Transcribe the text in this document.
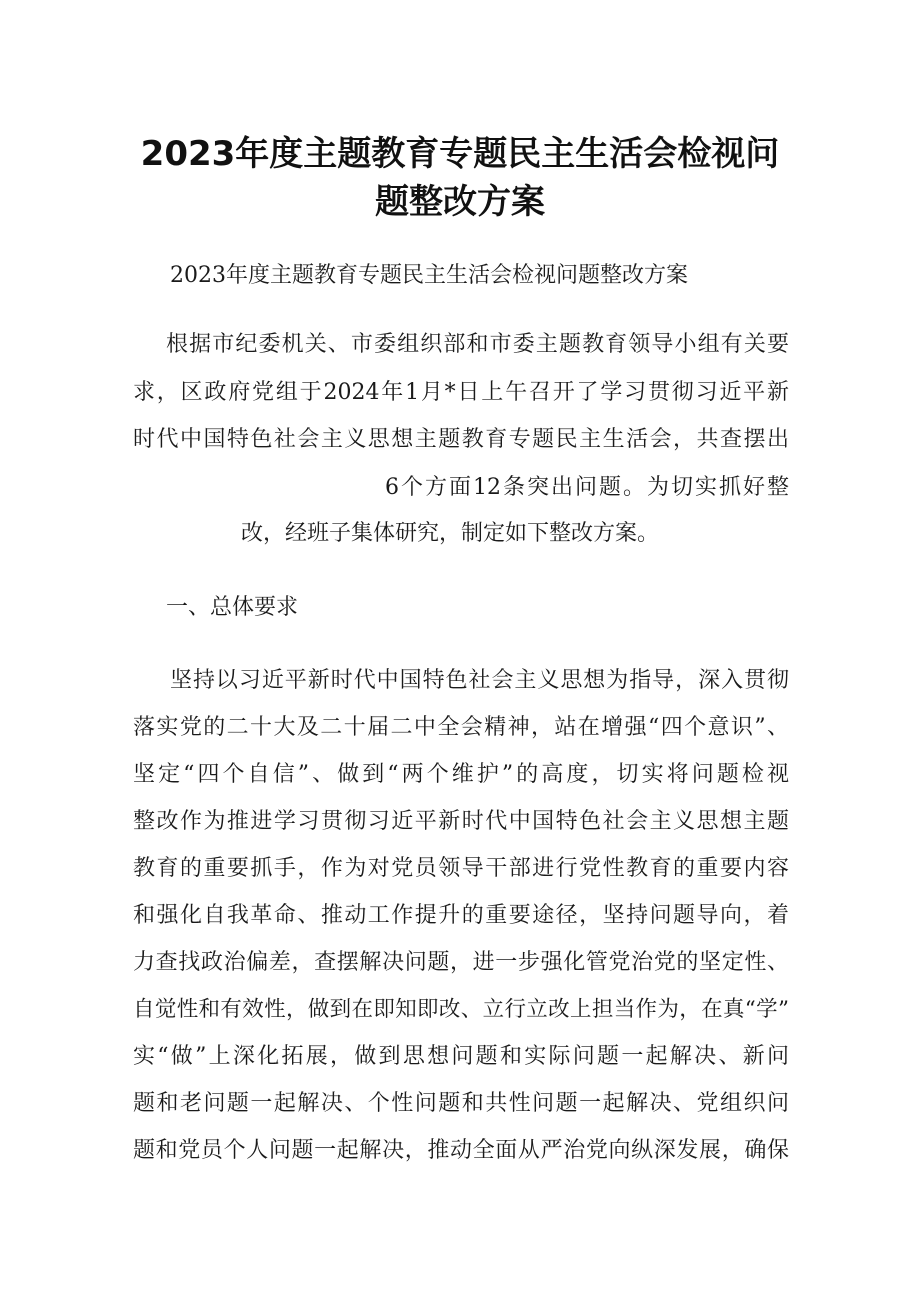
2023年度主题教育专题民主生活会检视问
题整改方案

2023年度主题教育专题民主生活会检视问题整改方案

根据市纪委机关、市委组织部和市委主题教育领导小组有关要

求，区政府党组于2024年1月*日上午召开了学习贯彻习近平新

时代中国特色社会主义思想主题教育专题民主生活会，共查摆出

6个方面12条突出问题。为切实抓好整

改，经班子集体研究，制定如下整改方案。

一、总体要求

坚持以习近平新时代中国特色社会主义思想为指导，深入贯彻

落实党的二十大及二十届二中全会精神，站在增强“四个意识”、

坚定“四个自信”、做到“两个维护”的高度，切实将问题检视

整改作为推进学习贯彻习近平新时代中国特色社会主义思想主题

教育的重要抓手，作为对党员领导干部进行党性教育的重要内容

和强化自我革命、推动工作提升的重要途径，坚持问题导向，着

力查找政治偏差，查摆解决问题，进一步强化管党治党的坚定性、

自觉性和有效性，做到在即知即改、立行立改上担当作为，在真“学”

实“做”上深化拓展，做到思想问题和实际问题一起解决、新问

题和老问题一起解决、个性问题和共性问题一起解决、党组织问

题和党员个人问题一起解决，推动全面从严治党向纵深发展，确保
